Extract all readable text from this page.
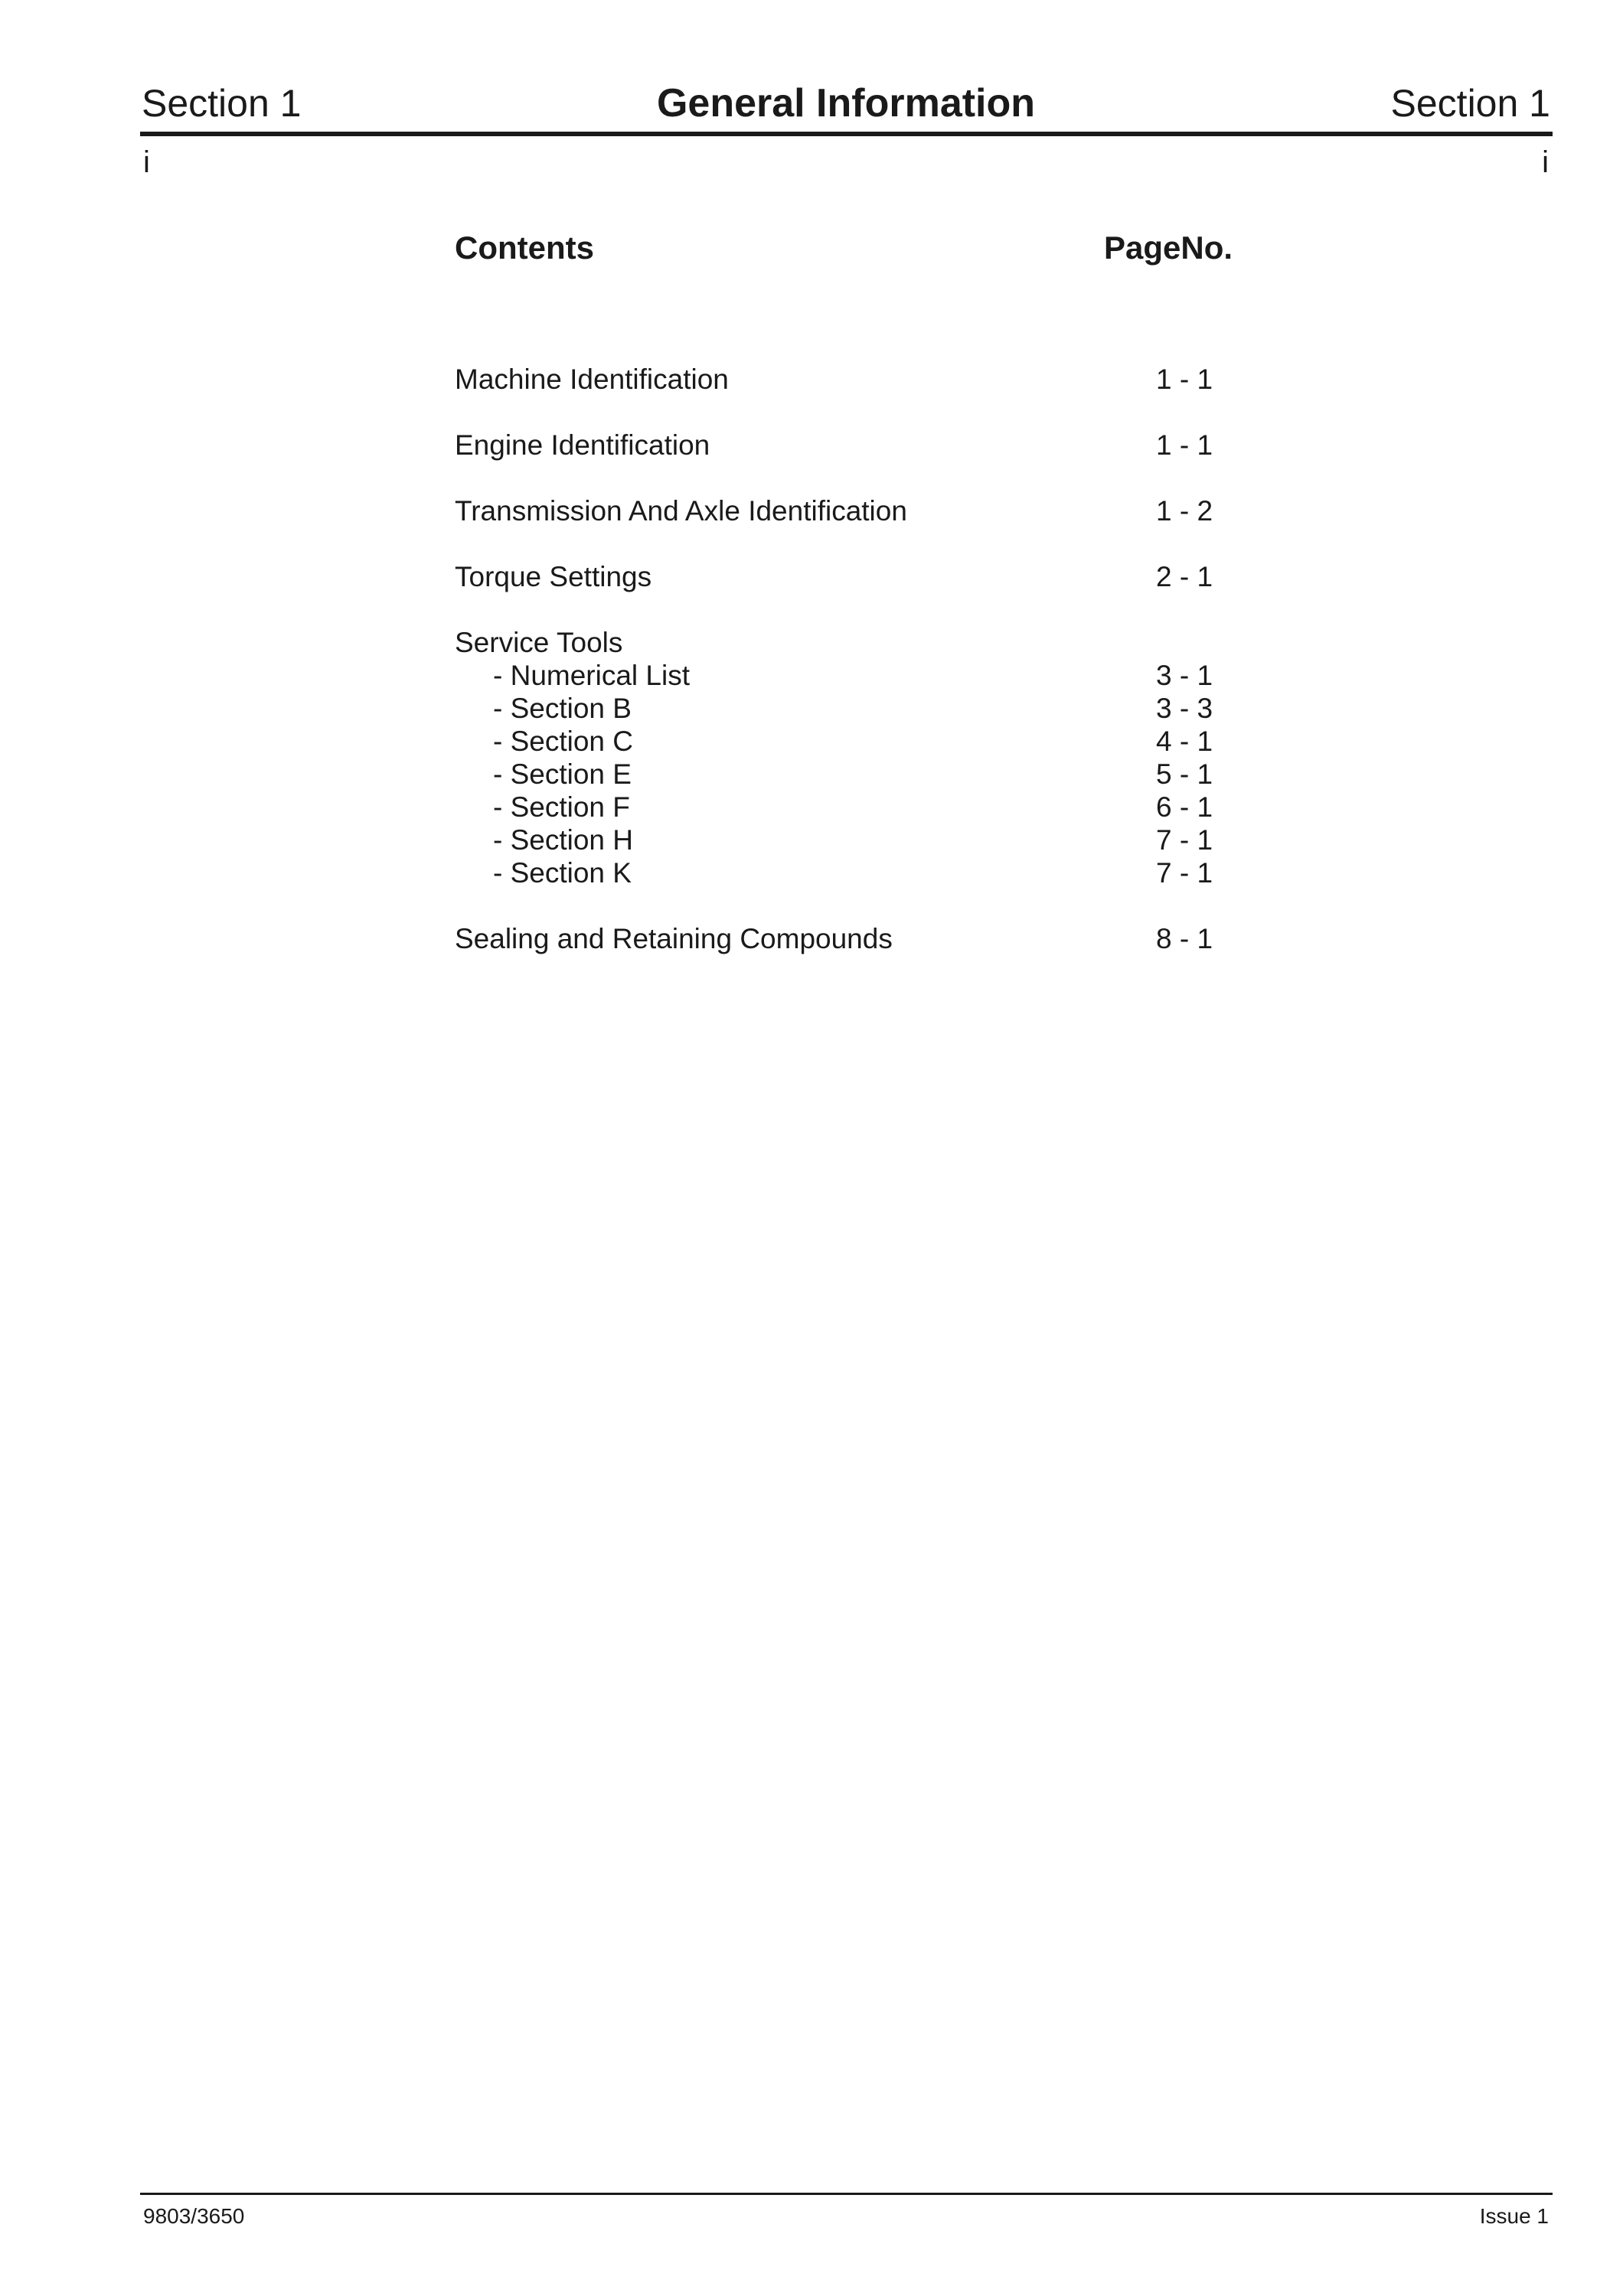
Section 1	General Information	Section 1
i	i
Contents	PageNo.
Machine Identification	1 - 1
Engine Identification	1 - 1
Transmission And Axle Identification	1 - 2
Torque Settings	2 - 1
Service Tools
- Numerical List	3 - 1
- Section B	3 - 3
- Section C	4 - 1
- Section E	5 - 1
- Section F	6 - 1
- Section H	7 - 1
- Section K	7 - 1
Sealing and Retaining Compounds	8 - 1
9803/3650	Issue 1
